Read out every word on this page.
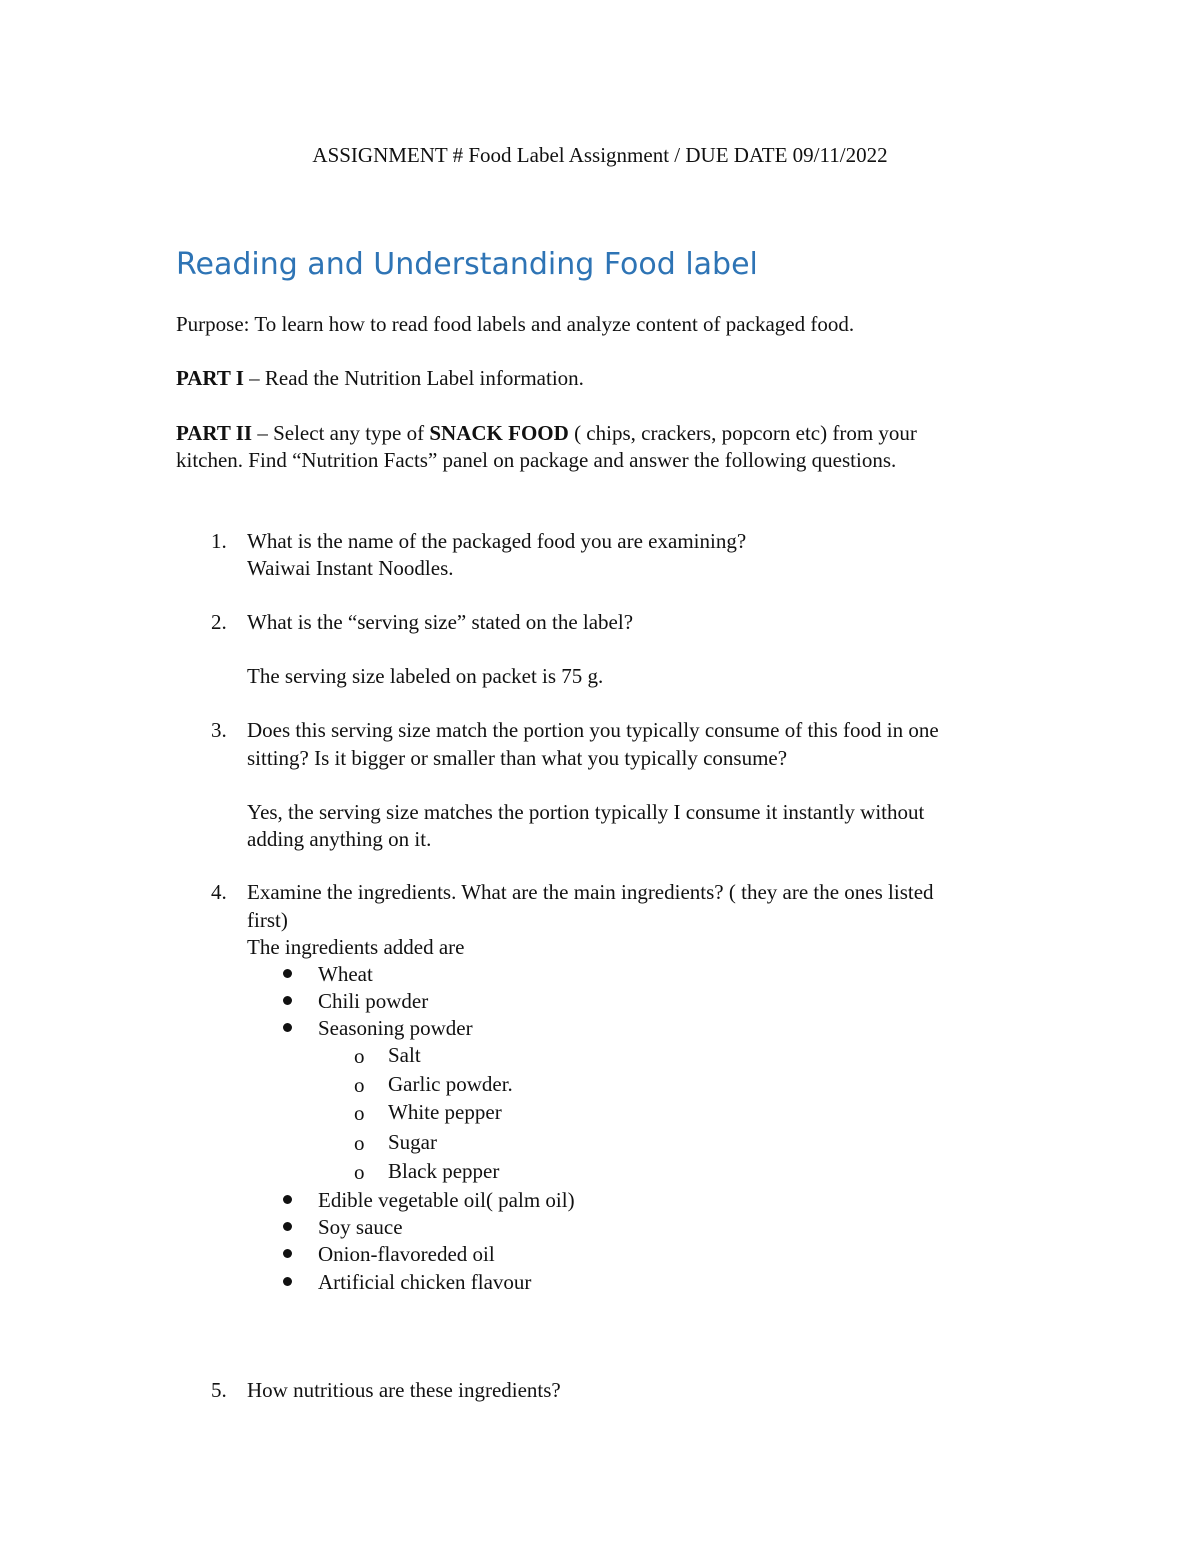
ASSIGNMENT # Food Label Assignment / DUE DATE 09/11/2022
Reading and Understanding Food label
Purpose: To learn how to read food labels and analyze content of packaged food.
PART I – Read the Nutrition Label information.
PART II – Select any type of SNACK FOOD ( chips, crackers, popcorn etc) from your
kitchen. Find “Nutrition Facts” panel on package and answer the following questions.
1. What is the name of the packaged food you are examining?
Waiwai Instant Noodles.
2. What is the “serving size” stated on the label?
The serving size labeled on packet is 75 g.
3. Does this serving size match the portion you typically consume of this food in one
sitting? Is it bigger or smaller than what you typically consume?
Yes, the serving size matches the portion typically I consume it instantly without
adding anything on it.
4. Examine the ingredients. What are the main ingredients? ( they are the ones listed
first)
The ingredients added are
Wheat
Chili powder
Seasoning powder
o Salt
o Garlic powder.
o White pepper
o Sugar
o Black pepper
Edible vegetable oil( palm oil)
Soy sauce
Onion-flavoreded oil
Artificial chicken flavour
5. How nutritious are these ingredients?
